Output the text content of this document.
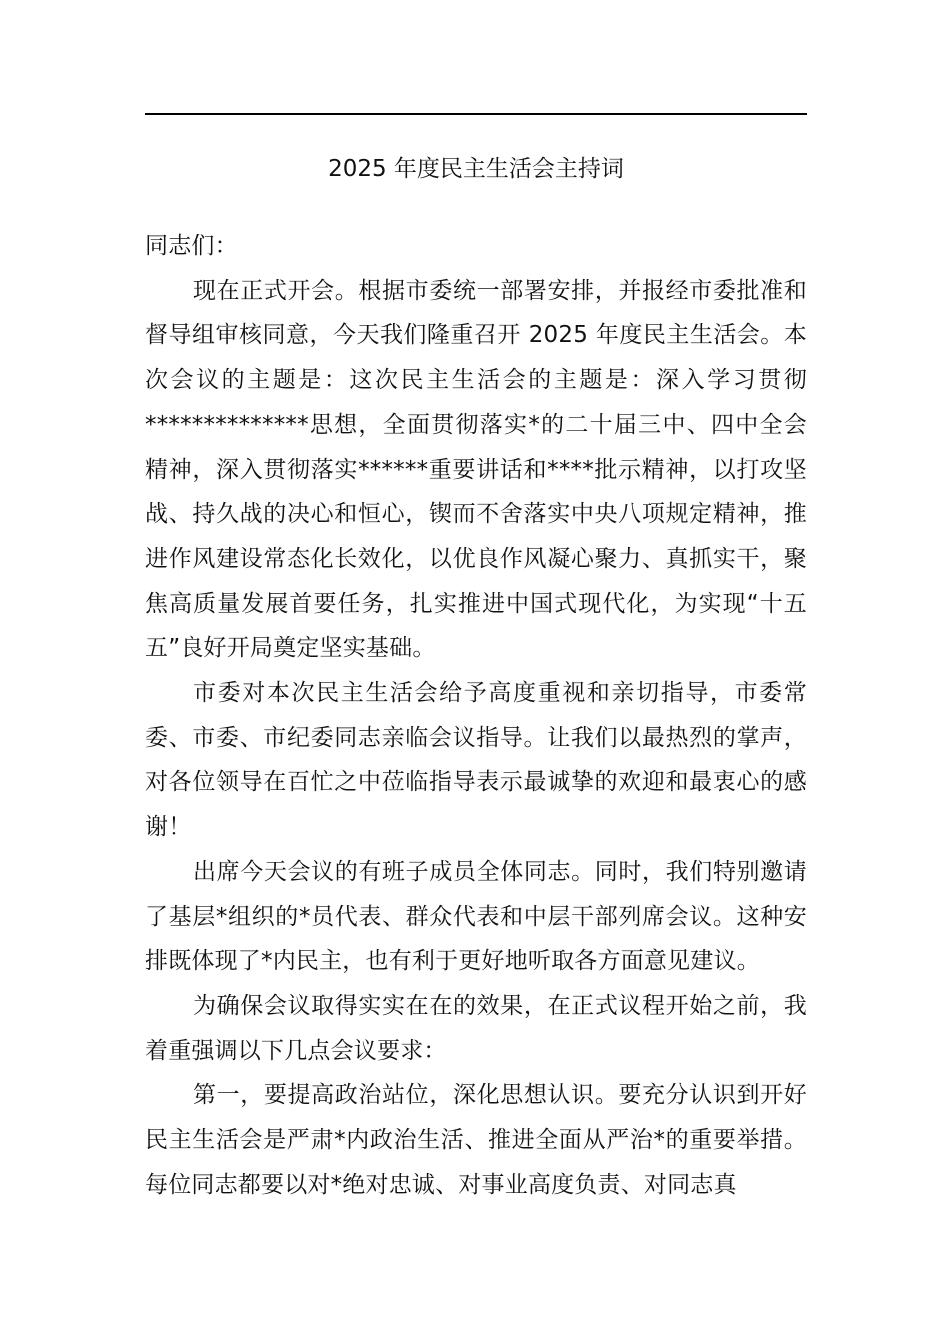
2025 年度民主生活会主持词

同志们：

现在正式开会。根据市委统一部署安排，并报经市委批准和督导组审核同意，今天我们隆重召开 2025 年度民主生活会。本次会议的主题是：这次民主生活会的主题是：深入学习贯彻**************思想，全面贯彻落实*的二十届三中、四中全会精神，深入贯彻落实******重要讲话和****批示精神，以打攻坚战、持久战的决心和恒心，锲而不舍落实中央八项规定精神，推进作风建设常态化长效化，以优良作风凝心聚力、真抓实干，聚焦高质量发展首要任务，扎实推进中国式现代化，为实现“十五五”良好开局奠定坚实基础。

市委对本次民主生活会给予高度重视和亲切指导，市委常委、市委、市纪委同志亲临会议指导。让我们以最热烈的掌声，对各位领导在百忙之中莅临指导表示最诚挚的欢迎和最衷心的感谢！

出席今天会议的有班子成员全体同志。同时，我们特别邀请了基层*组织的*员代表、群众代表和中层干部列席会议。这种安排既体现了*内民主，也有利于更好地听取各方面意见建议。

为确保会议取得实实在在的效果，在正式议程开始之前，我着重强调以下几点会议要求：

第一，要提高政治站位，深化思想认识。要充分认识到开好民主生活会是严肃*内政治生活、推进全面从严治*的重要举措。每位同志都要以对*绝对忠诚、对事业高度负责、对同志真
